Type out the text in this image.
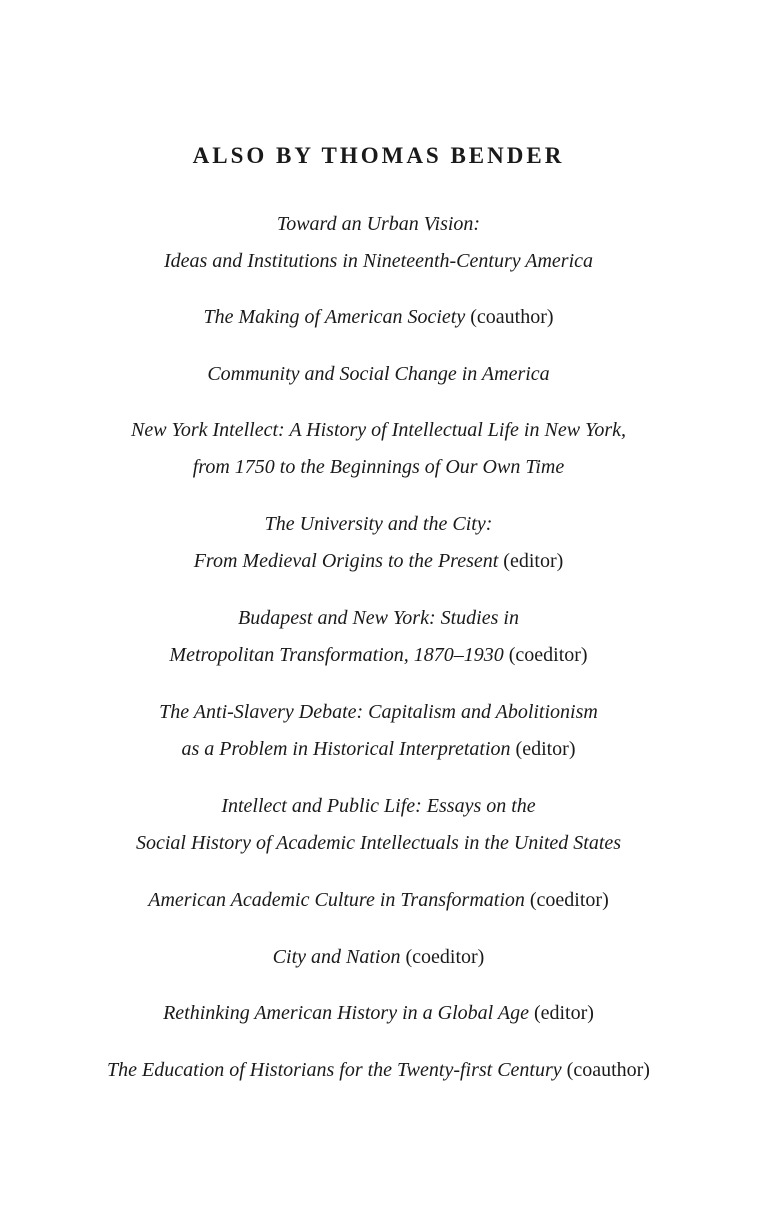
ALSO BY THOMAS BENDER
Toward an Urban Vision:
Ideas and Institutions in Nineteenth-Century America
The Making of American Society (coauthor)
Community and Social Change in America
New York Intellect: A History of Intellectual Life in New York,
from 1750 to the Beginnings of Our Own Time
The University and the City:
From Medieval Origins to the Present (editor)
Budapest and New York: Studies in
Metropolitan Transformation, 1870–1930 (coeditor)
The Anti-Slavery Debate: Capitalism and Abolitionism
as a Problem in Historical Interpretation (editor)
Intellect and Public Life: Essays on the
Social History of Academic Intellectuals in the United States
American Academic Culture in Transformation (coeditor)
City and Nation (coeditor)
Rethinking American History in a Global Age (editor)
The Education of Historians for the Twenty-first Century (coauthor)
